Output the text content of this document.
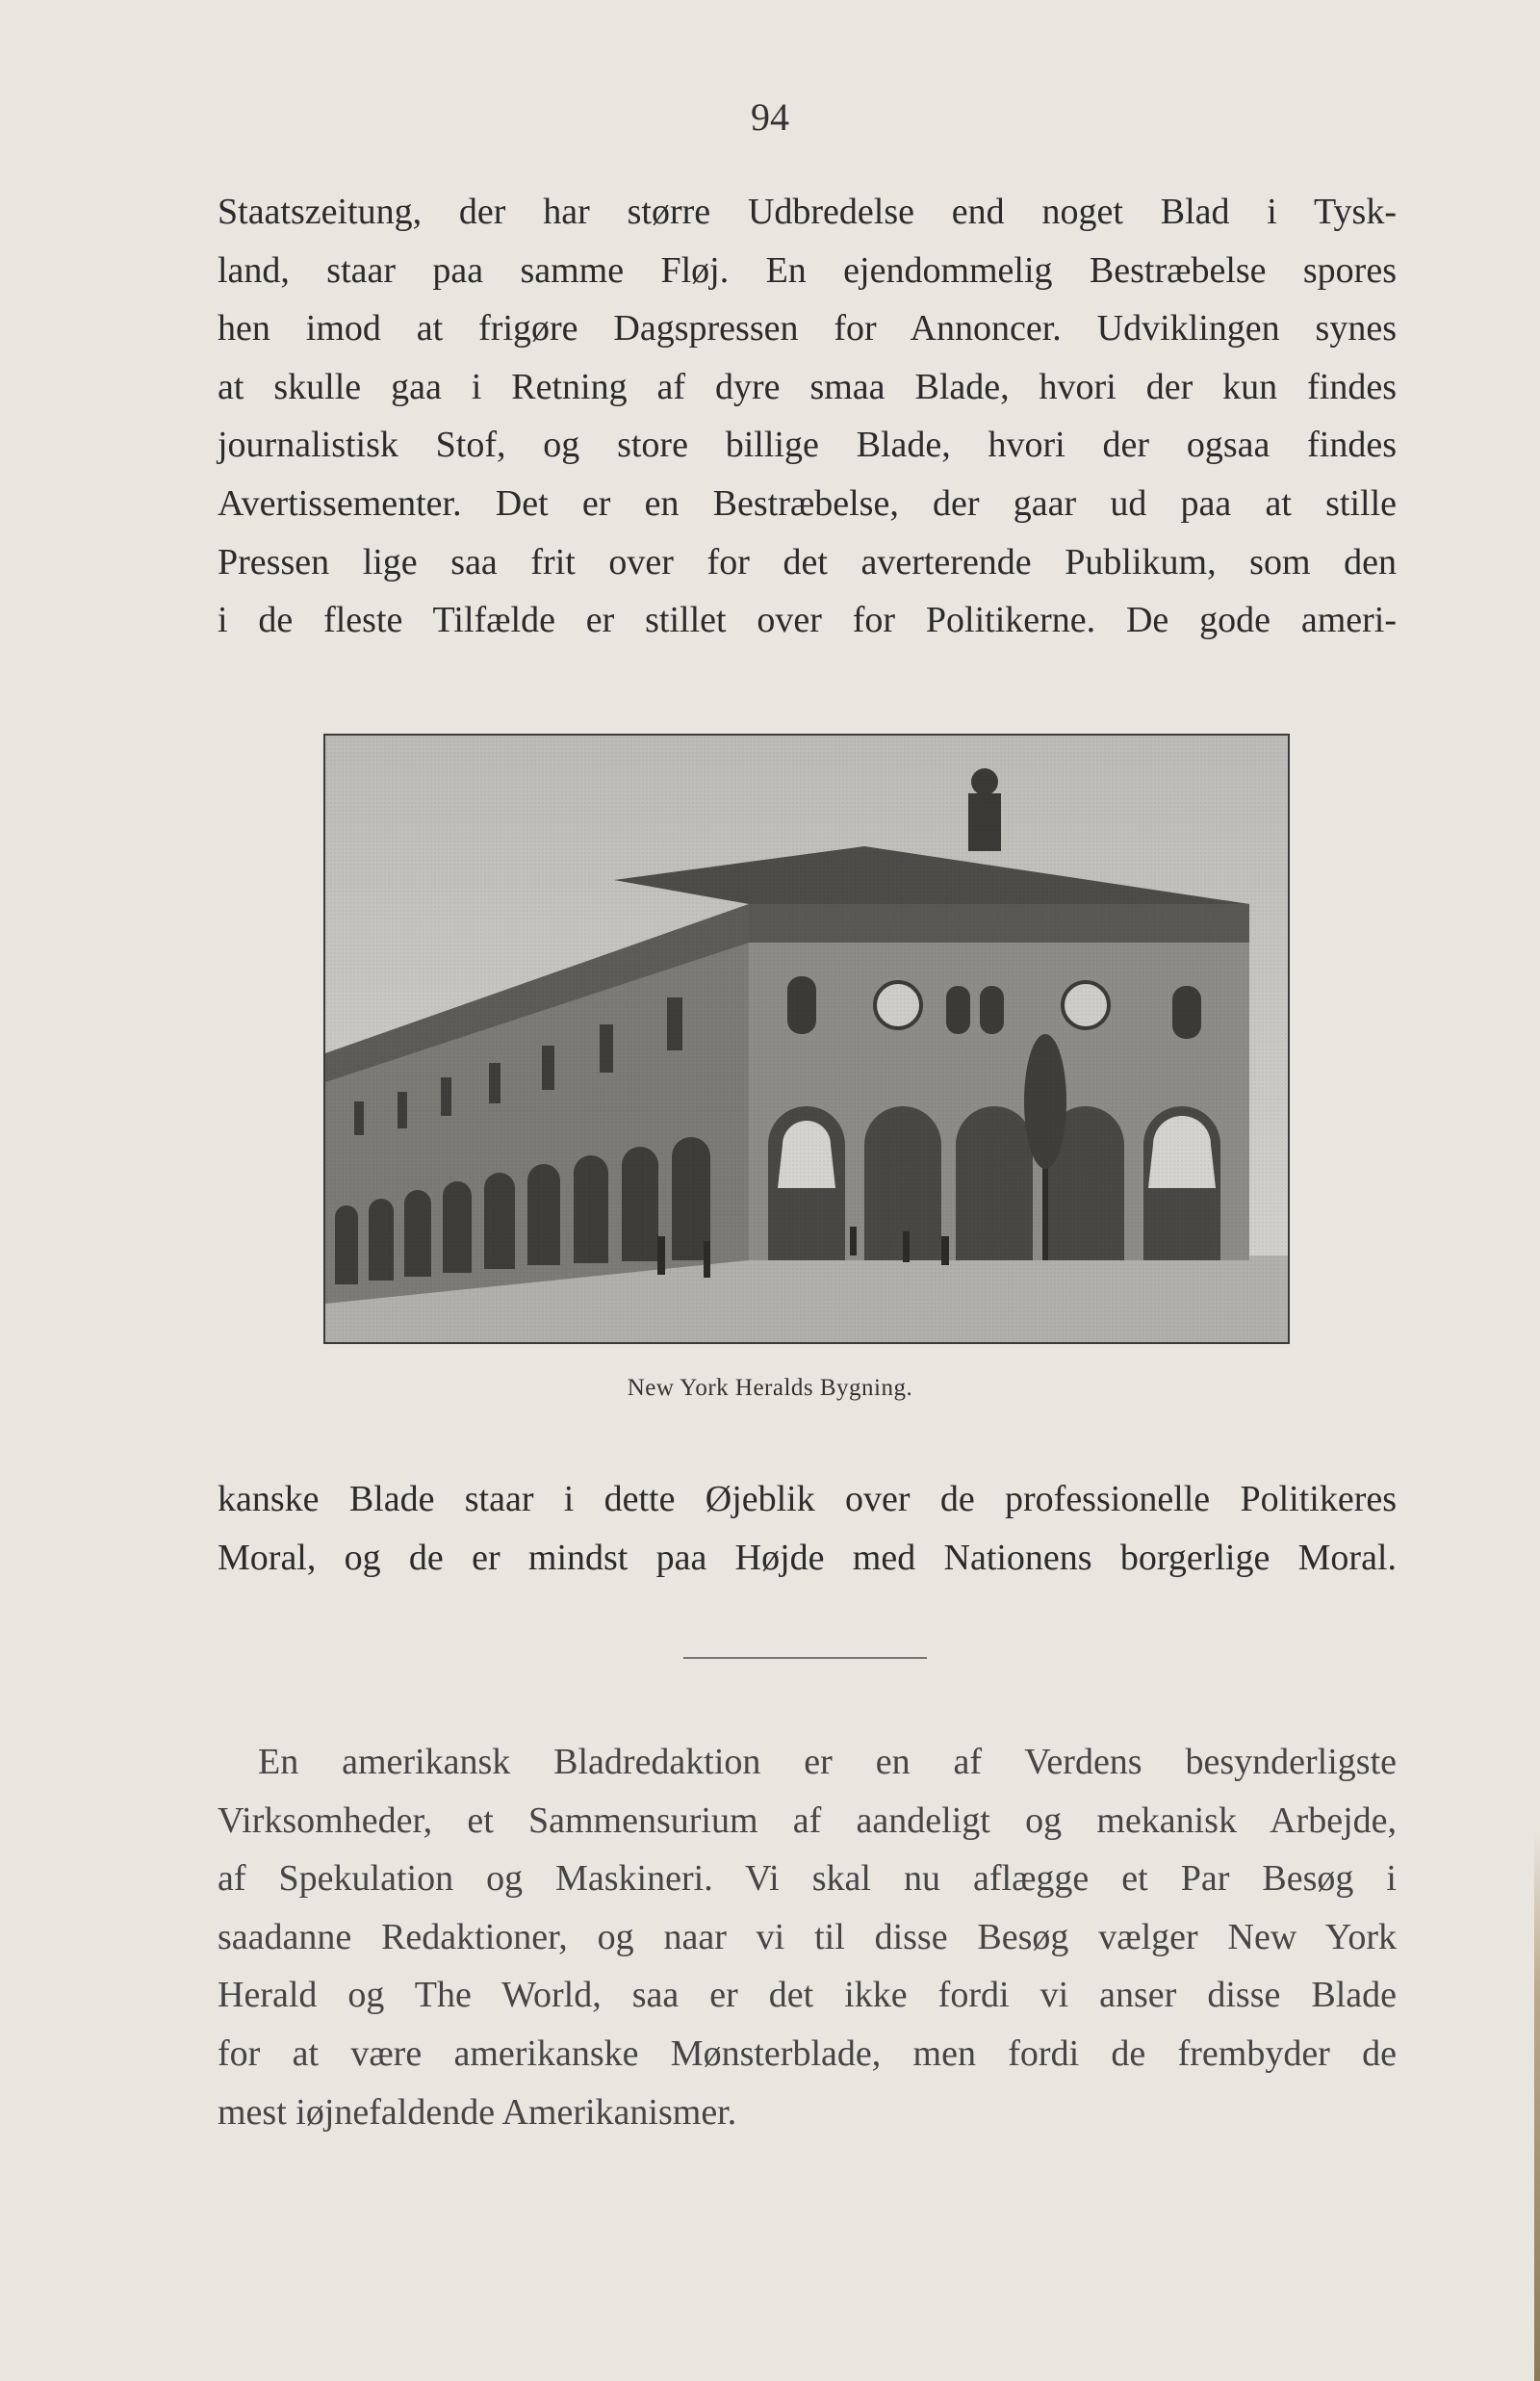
94
Staatszeitung, der har større Udbredelse end noget Blad i Tysk-
land, staar paa samme Fløj. En ejendommelig Bestræbelse spores
hen imod at frigøre Dagspressen for Annoncer. Udviklingen synes
at skulle gaa i Retning af dyre smaa Blade, hvori der kun findes
journalistisk Stof, og store billige Blade, hvori der ogsaa findes
Avertissementer. Det er en Bestræbelse, der gaar ud paa at stille
Pressen lige saa frit over for det averterende Publikum, som den
i de fleste Tilfælde er stillet over for Politikerne. De gode ameri-
New York Heralds Bygning.
kanske Blade staar i dette Øjeblik over de professionelle Politikeres
Moral, og de er mindst paa Højde med Nationens borgerlige Moral.
En amerikansk Bladredaktion er en af Verdens besynderligste
Virksomheder, et Sammensurium af aandeligt og mekanisk Arbejde,
af Spekulation og Maskineri. Vi skal nu aflægge et Par Besøg i
saadanne Redaktioner, og naar vi til disse Besøg vælger New York
Herald og The World, saa er det ikke fordi vi anser disse Blade
for at være amerikanske Mønsterblade, men fordi de frembyder de
mest iøjnefaldende Amerikanismer.
